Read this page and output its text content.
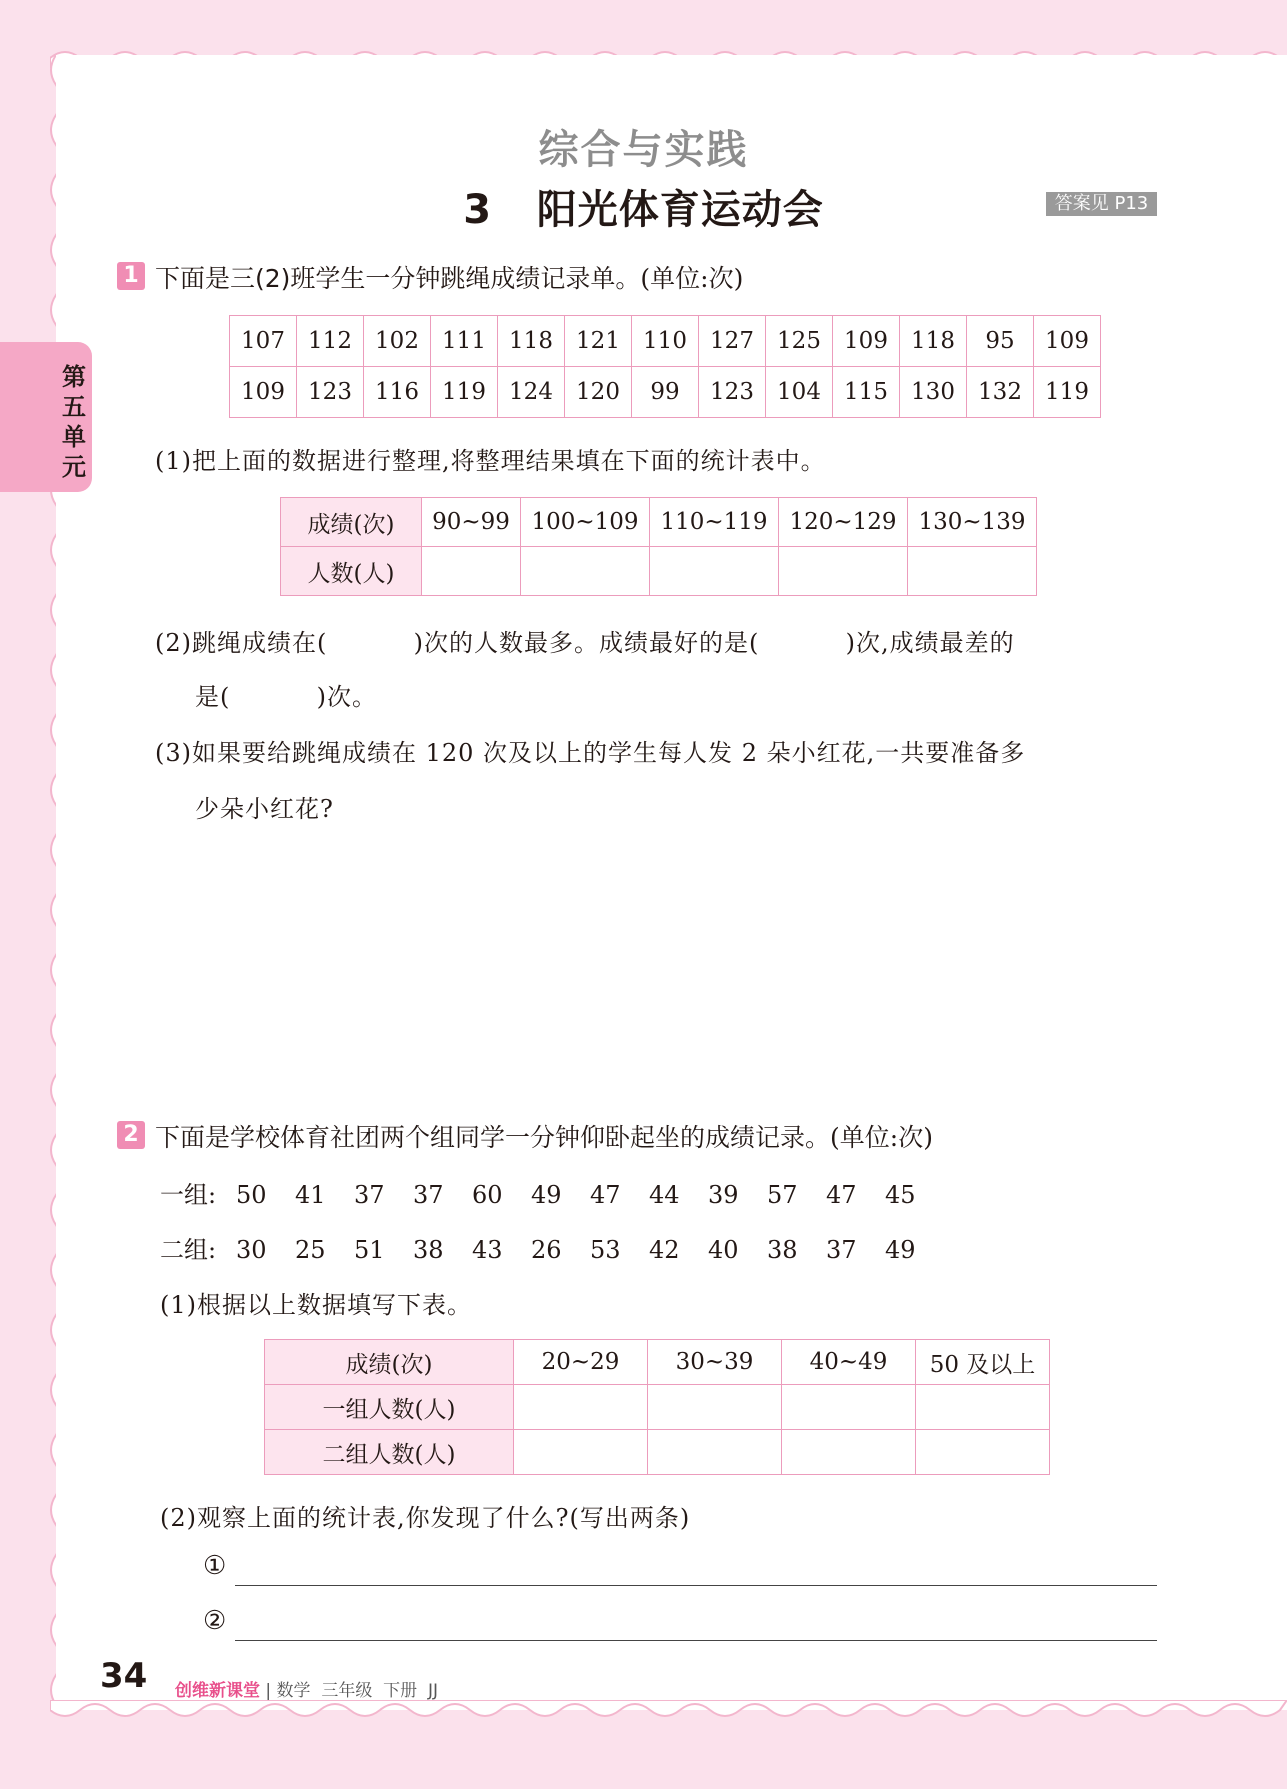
第五单元
综合与实践
3   阳光体育运动会	答案见 P13
1 下面是三(2)班学生一分钟跳绳成绩记录单。(单位:次)
107	112	102	111	118	121	110	127	125	109	118	95	109
109	123	116	119	124	120	99	123	104	115	130	132	119
(1)把上面的数据进行整理,将整理结果填在下面的统计表中。
成绩(次)	90~99	100~109	110~119	120~129	130~139
人数(人)					
(2)跳绳成绩在(          )次的人数最多。成绩最好的是(          )次,成绩最差的
是(          )次。
(3)如果要给跳绳成绩在 120 次及以上的学生每人发 2 朵小红花,一共要准备多
少朵小红花?
2 下面是学校体育社团两个组同学一分钟仰卧起坐的成绩记录。(单位:次)
一组: 50 41 37 37 60 49 47 44 39 57 47 45
二组: 30 25 51 38 43 26 53 42 40 38 37 49
(1)根据以上数据填写下表。
成绩(次)	20~29	30~39	40~49	50 及以上
一组人数(人)				
二组人数(人)				
(2)观察上面的统计表,你发现了什么?(写出两条)
①
②
34 创维新课堂 | 数学  三年级  下册  JJ
